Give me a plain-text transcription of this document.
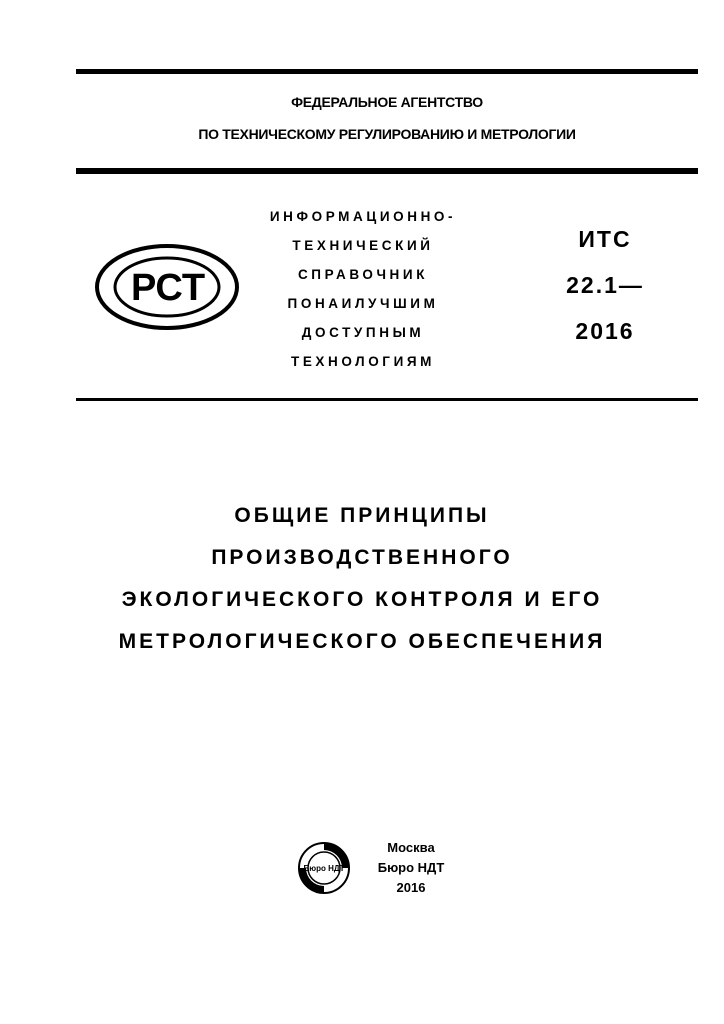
ФЕДЕРАЛЬНОЕ АГЕНТСТВО
ПО ТЕХНИЧЕСКОМУ РЕГУЛИРОВАНИЮ И МЕТРОЛОГИИ
РСТ
ИНФОРМАЦИОННО-
ТЕХНИЧЕСКИЙ
СПРАВОЧНИК
ПОНАИЛУЧШИМ
ДОСТУПНЫМ
ТЕХНОЛОГИЯМ
ИТС
22.1—
2016
ОБЩИЕ ПРИНЦИПЫ
ПРОИЗВОДСТВЕННОГО
ЭКОЛОГИЧЕСКОГО КОНТРОЛЯ И ЕГО
МЕТРОЛОГИЧЕСКОГО ОБЕСПЕЧЕНИЯ
Бюро НДТ
Москва
Бюро НДТ
2016
